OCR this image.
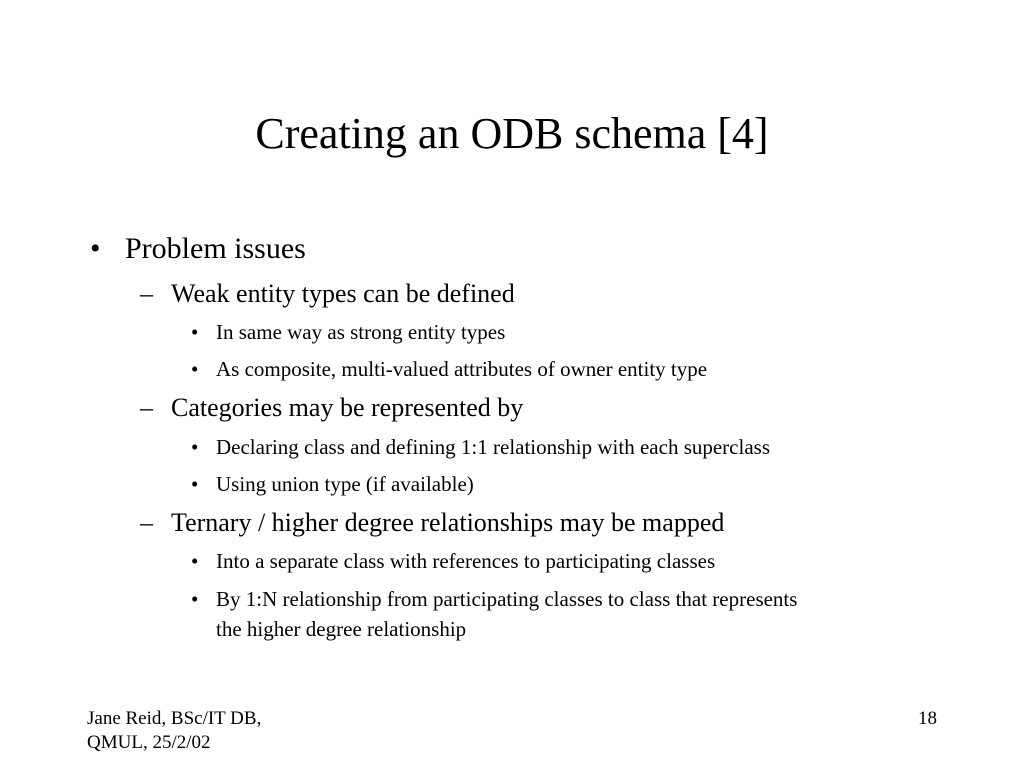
Creating an ODB schema [4]
• Problem issues
– Weak entity types can be defined
• In same way as strong entity types
• As composite, multi-valued attributes of owner entity type
– Categories may be represented by
• Declaring class and defining 1:1 relationship with each superclass
• Using union type (if available)
– Ternary / higher degree relationships may be mapped
• Into a separate class with references to participating classes
• By 1:N relationship from participating classes to class that represents
the higher degree relationship
Jane Reid, BSc/IT DB,
QMUL, 25/2/02
18
